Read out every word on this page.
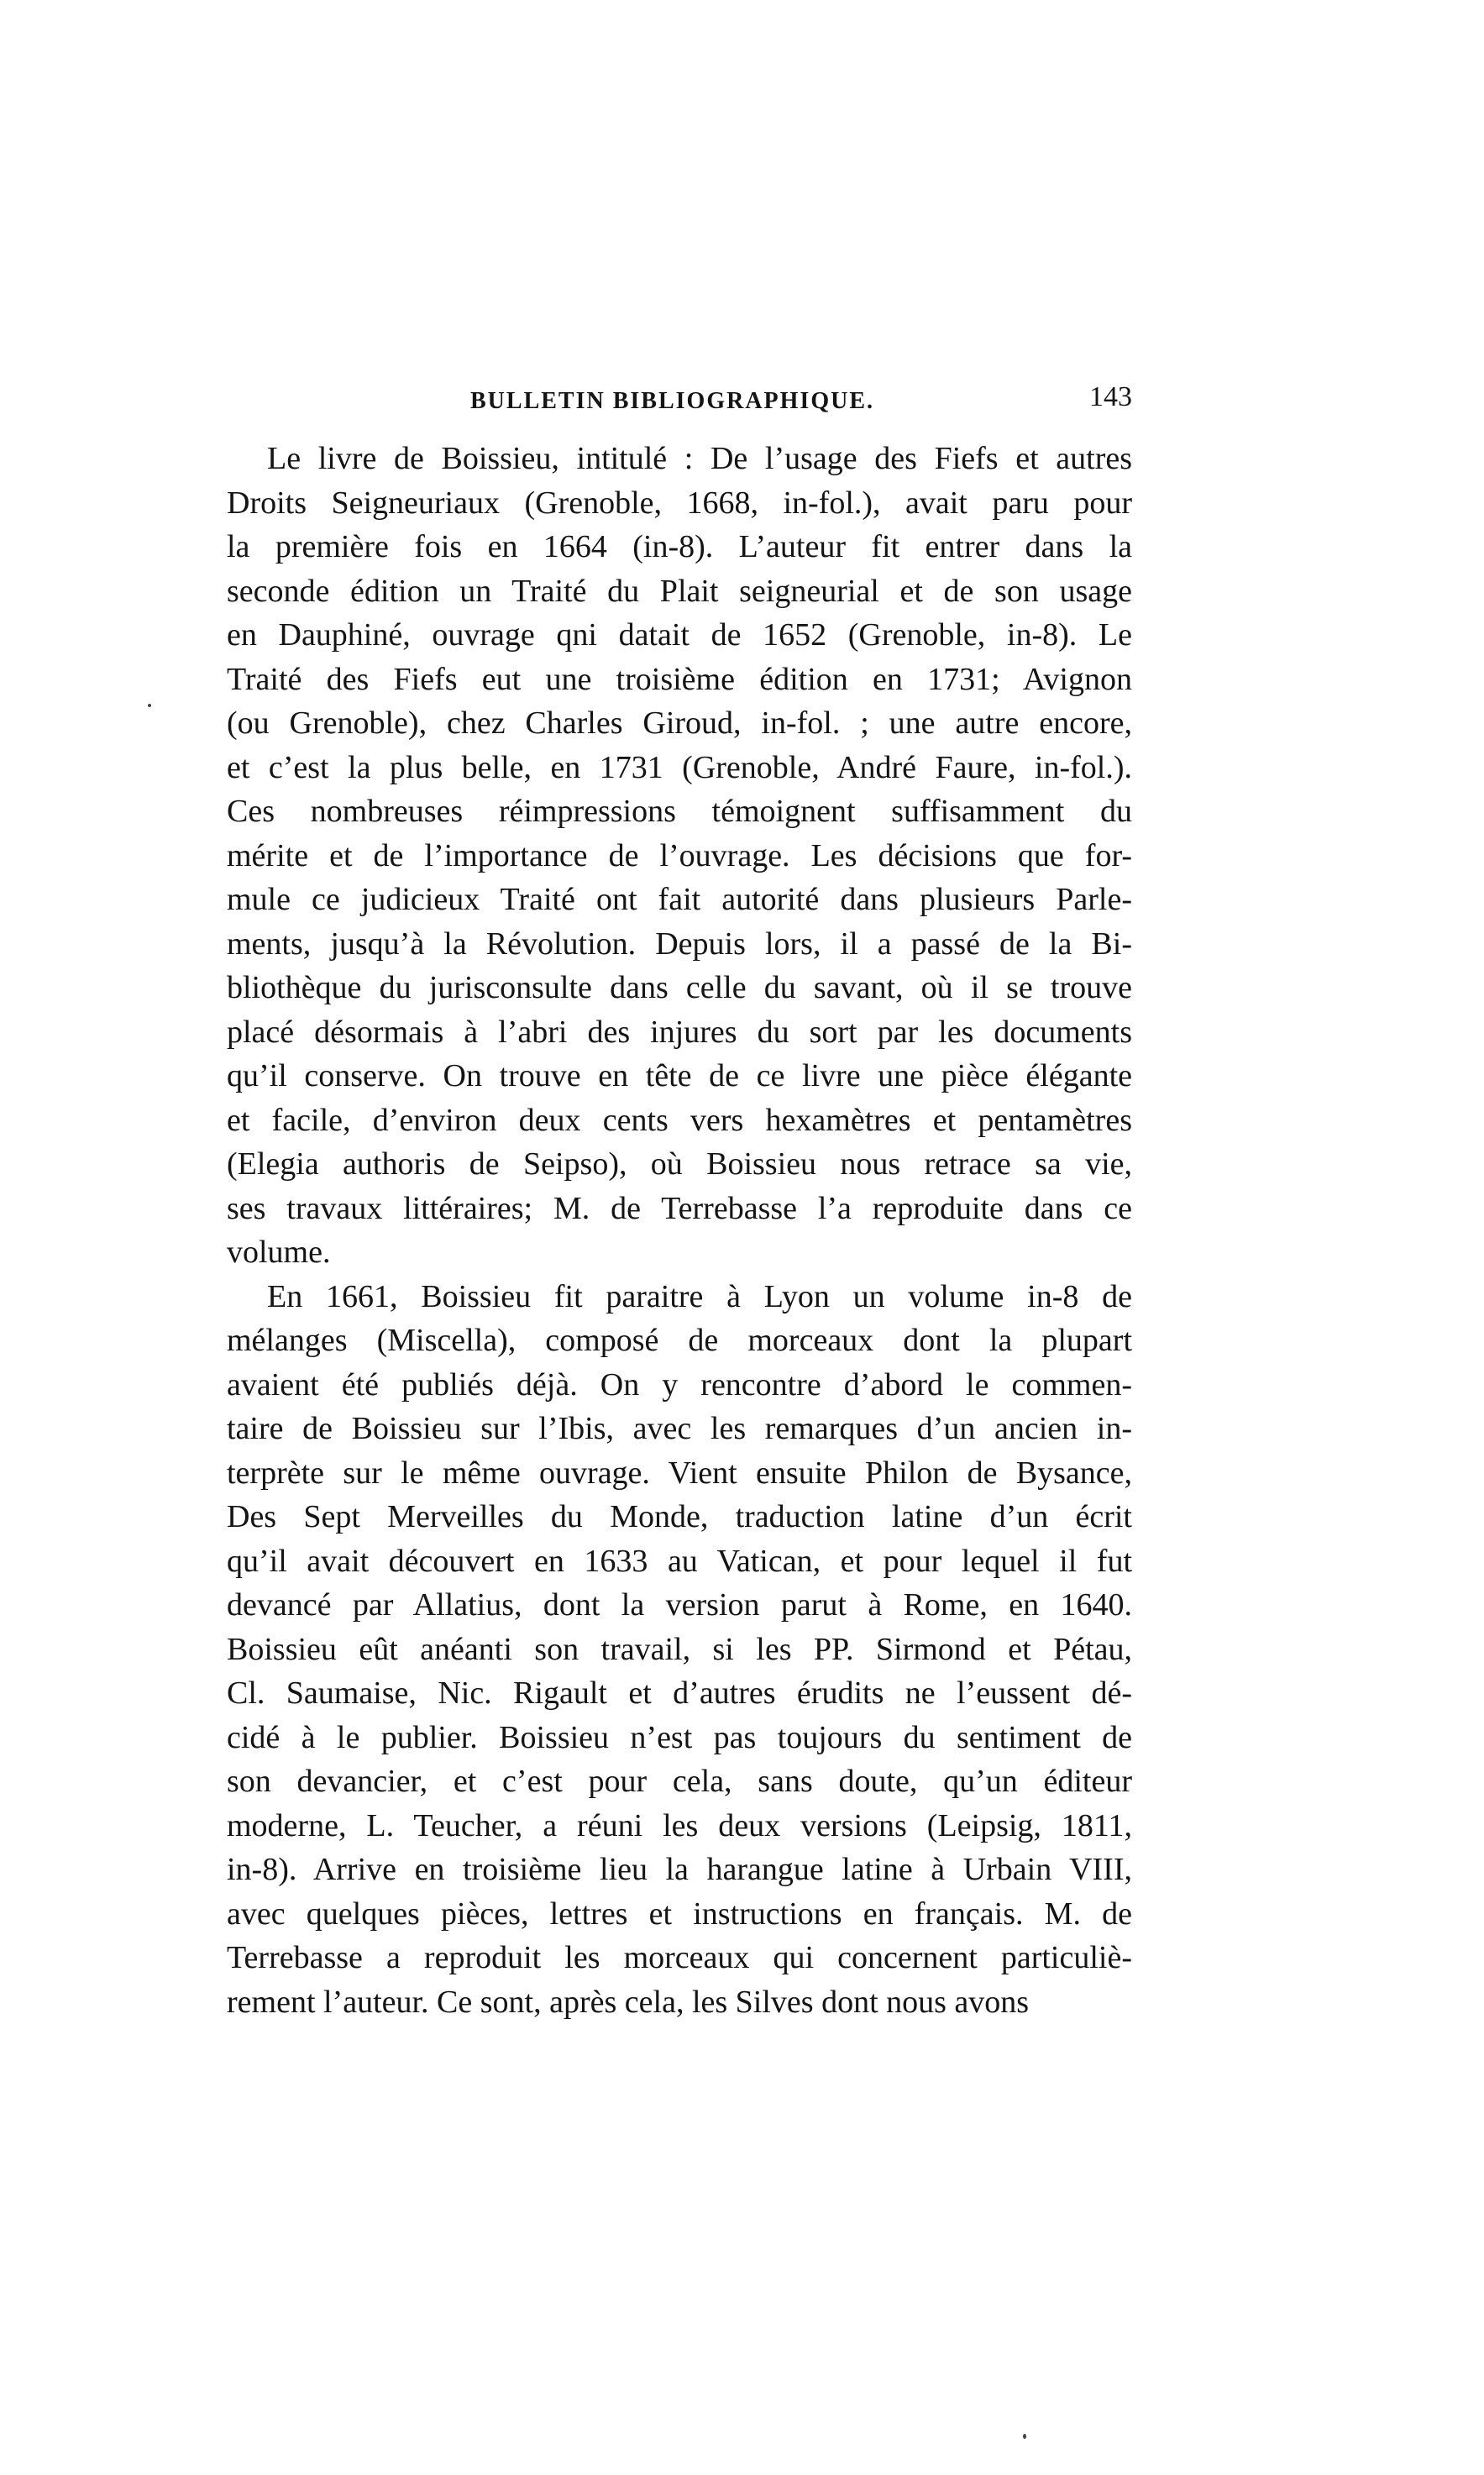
BULLETIN BIBLIOGRAPHIQUE.	143

Le livre de Boissieu, intitulé : De l’usage des Fiefs et autres
Droits Seigneuriaux (Grenoble, 1668, in-fol.), avait paru pour
la première fois en 1664 (in-8). L’auteur fit entrer dans la
seconde édition un Traité du Plait seigneurial et de son usage
en Dauphiné, ouvrage qni datait de 1652 (Grenoble, in-8). Le
Traité des Fiefs eut une troisième édition en 1731; Avignon
(ou Grenoble), chez Charles Giroud, in-fol. ; une autre encore,
et c’est la plus belle, en 1731 (Grenoble, André Faure, in-fol.).
Ces nombreuses réimpressions témoignent suffisamment du
mérite et de l’importance de l’ouvrage. Les décisions que for-
mule ce judicieux Traité ont fait autorité dans plusieurs Parle-
ments, jusqu’à la Révolution. Depuis lors, il a passé de la Bi-
bliothèque du jurisconsulte dans celle du savant, où il se trouve
placé désormais à l’abri des injures du sort par les documents
qu’il conserve. On trouve en tête de ce livre une pièce élégante
et facile, d’environ deux cents vers hexamètres et pentamètres
(Elegia authoris de Seipso), où Boissieu nous retrace sa vie,
ses travaux littéraires; M. de Terrebasse l’a reproduite dans ce
volume.

En 1661, Boissieu fit paraitre à Lyon un volume in-8 de
mélanges (Miscella), composé de morceaux dont la plupart
avaient été publiés déjà. On y rencontre d’abord le commen-
taire de Boissieu sur l’Ibis, avec les remarques d’un ancien in-
terprète sur le même ouvrage. Vient ensuite Philon de Bysance,
Des Sept Merveilles du Monde, traduction latine d’un écrit
qu’il avait découvert en 1633 au Vatican, et pour lequel il fut
devancé par Allatius, dont la version parut à Rome, en 1640.
Boissieu eût anéanti son travail, si les PP. Sirmond et Pétau,
Cl. Saumaise, Nic. Rigault et d’autres érudits ne l’eussent dé-
cidé à le publier. Boissieu n’est pas toujours du sentiment de
son devancier, et c’est pour cela, sans doute, qu’un éditeur
moderne, L. Teucher, a réuni les deux versions (Leipsig, 1811,
in-8). Arrive en troisième lieu la harangue latine à Urbain VIII,
avec quelques pièces, lettres et instructions en français. M. de
Terrebasse a reproduit les morceaux qui concernent particuliè-
rement l’auteur. Ce sont, après cela, les Silves dont nous avons
